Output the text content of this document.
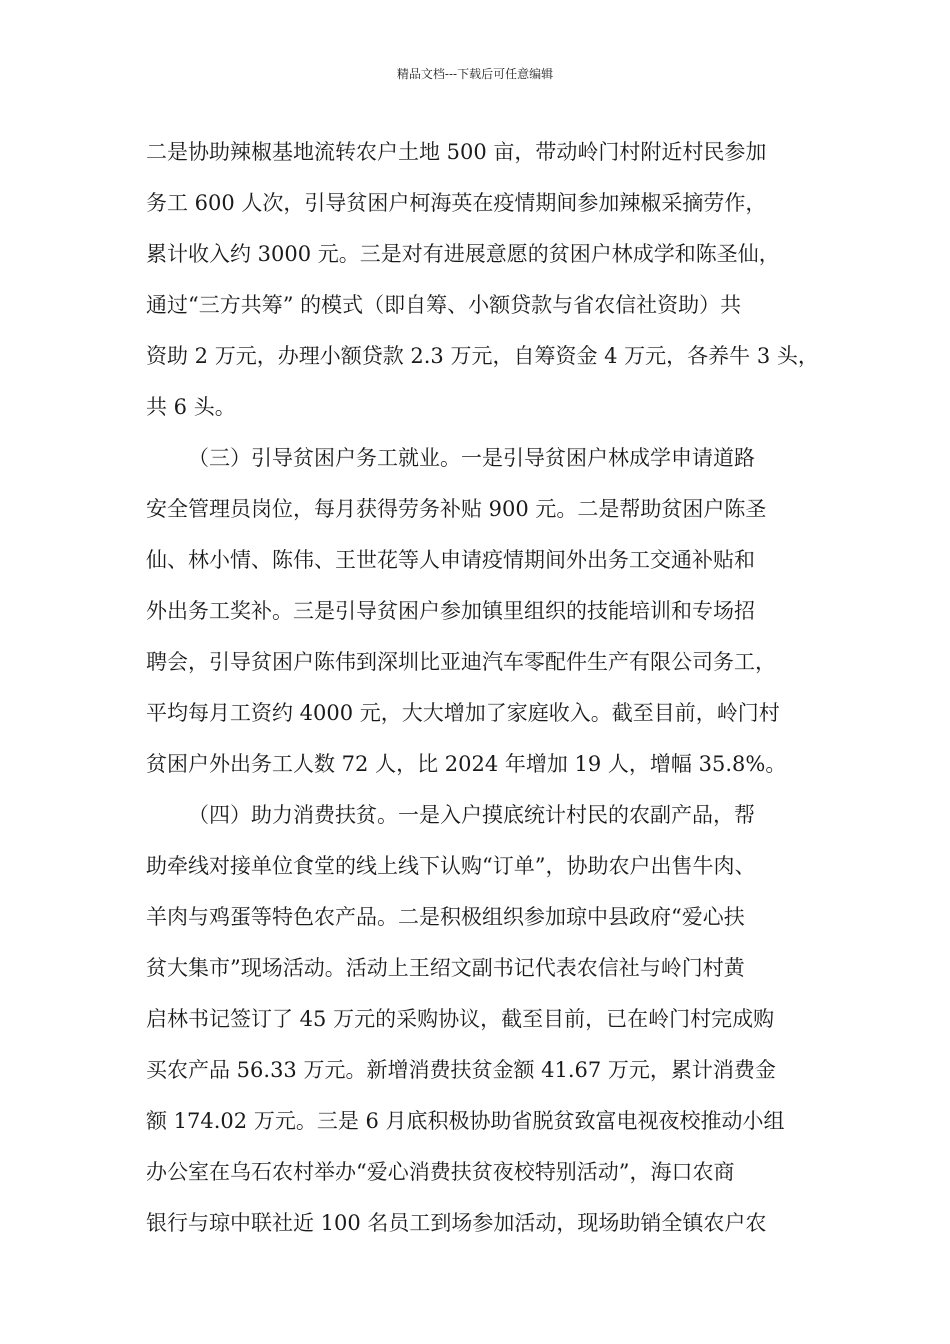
精品文档---下载后可任意编辑
二是协助辣椒基地流转农户土地 500 亩，带动岭门村附近村民参加
务工 600 人次，引导贫困户柯海英在疫情期间参加辣椒采摘劳作，
累计收入约 3000 元。三是对有进展意愿的贫困户林成学和陈圣仙，
通过“三方共筹” 的模式（即自筹、小额贷款与省农信社资助）共
资助 2 万元，办理小额贷款 2.3 万元，自筹资金 4 万元，各养牛 3 头，
共 6 头。
（三）引导贫困户务工就业。一是引导贫困户林成学申请道路
安全管理员岗位，每月获得劳务补贴 900 元。二是帮助贫困户陈圣
仙、林小情、陈伟、王世花等人申请疫情期间外出务工交通补贴和
外出务工奖补。三是引导贫困户参加镇里组织的技能培训和专场招
聘会，引导贫困户陈伟到深圳比亚迪汽车零配件生产有限公司务工，
平均每月工资约 4000 元，大大增加了家庭收入。截至目前，岭门村
贫困户外出务工人数 72 人，比 2024 年增加 19 人，增幅 35.8%。
（四）助力消费扶贫。一是入户摸底统计村民的农副产品，帮
助牵线对接单位食堂的线上线下认购“订单”，协助农户出售牛肉、
羊肉与鸡蛋等特色农产品。二是积极组织参加琼中县政府“爱心扶
贫大集市”现场活动。活动上王绍文副书记代表农信社与岭门村黄
启林书记签订了 45 万元的采购协议，截至目前，已在岭门村完成购
买农产品 56.33 万元。新增消费扶贫金额 41.67 万元，累计消费金
额 174.02 万元。三是 6 月底积极协助省脱贫致富电视夜校推动小组
办公室在乌石农村举办“爱心消费扶贫夜校特别活动”，海口农商
银行与琼中联社近 100 名员工到场参加活动，现场助销全镇农户农
